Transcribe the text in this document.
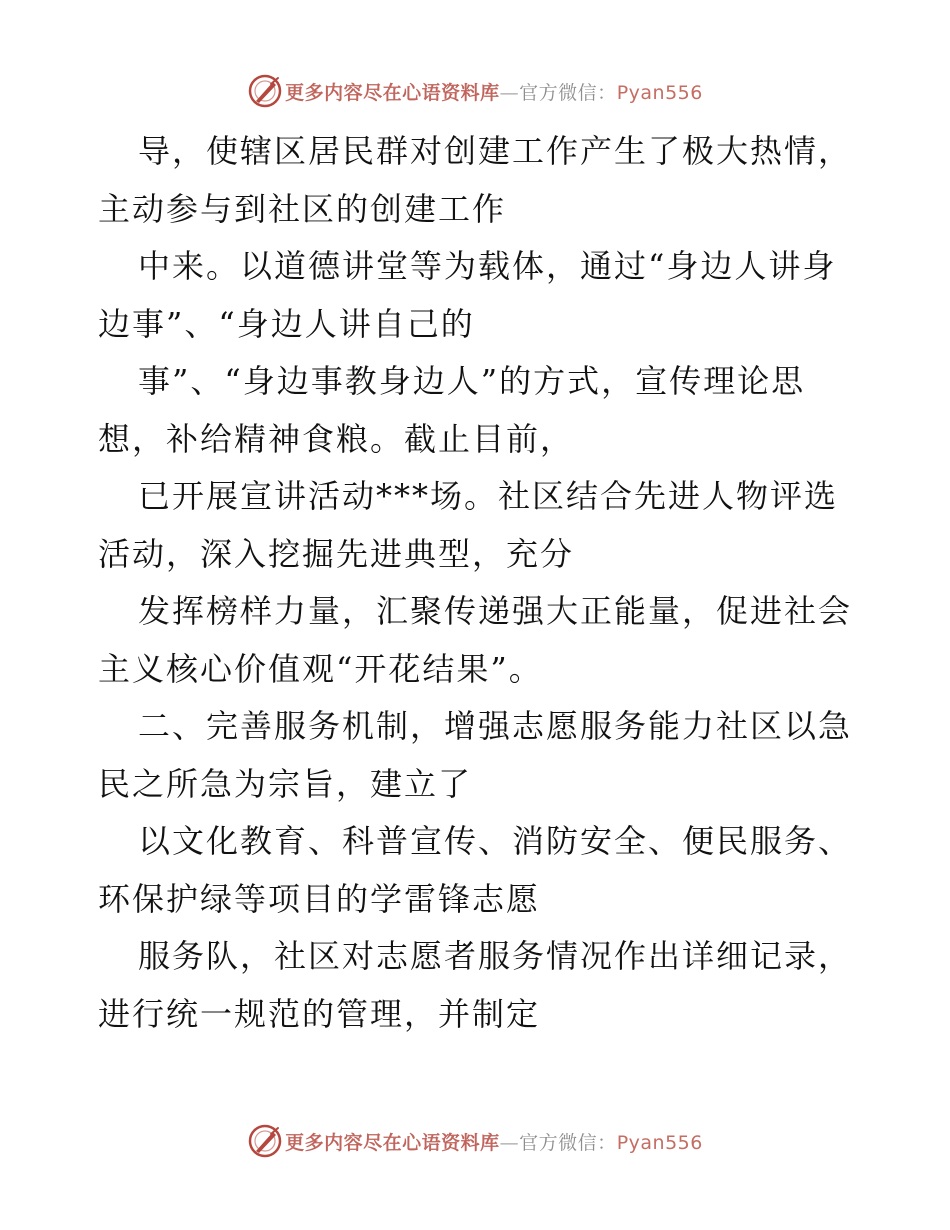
更多内容尽在心语资料库—官方微信：Pyan556
导，使辖区居民群对创建工作产生了极大热情，
主动参与到社区的创建工作
中来。以道德讲堂等为载体，通过“身边人讲身
边事”、“身边人讲自己的
事”、“身边事教身边人”的方式，宣传理论思
想，补给精神食粮。截止目前，
已开展宣讲活动***场。社区结合先进人物评选
活动，深入挖掘先进典型，充分
发挥榜样力量，汇聚传递强大正能量，促进社会
主义核心价值观“开花结果”。
二、完善服务机制，增强志愿服务能力社区以急
民之所急为宗旨，建立了
以文化教育、科普宣传、消防安全、便民服务、
环保护绿等项目的学雷锋志愿
服务队，社区对志愿者服务情况作出详细记录，
进行统一规范的管理，并制定
更多内容尽在心语资料库—官方微信：Pyan556
